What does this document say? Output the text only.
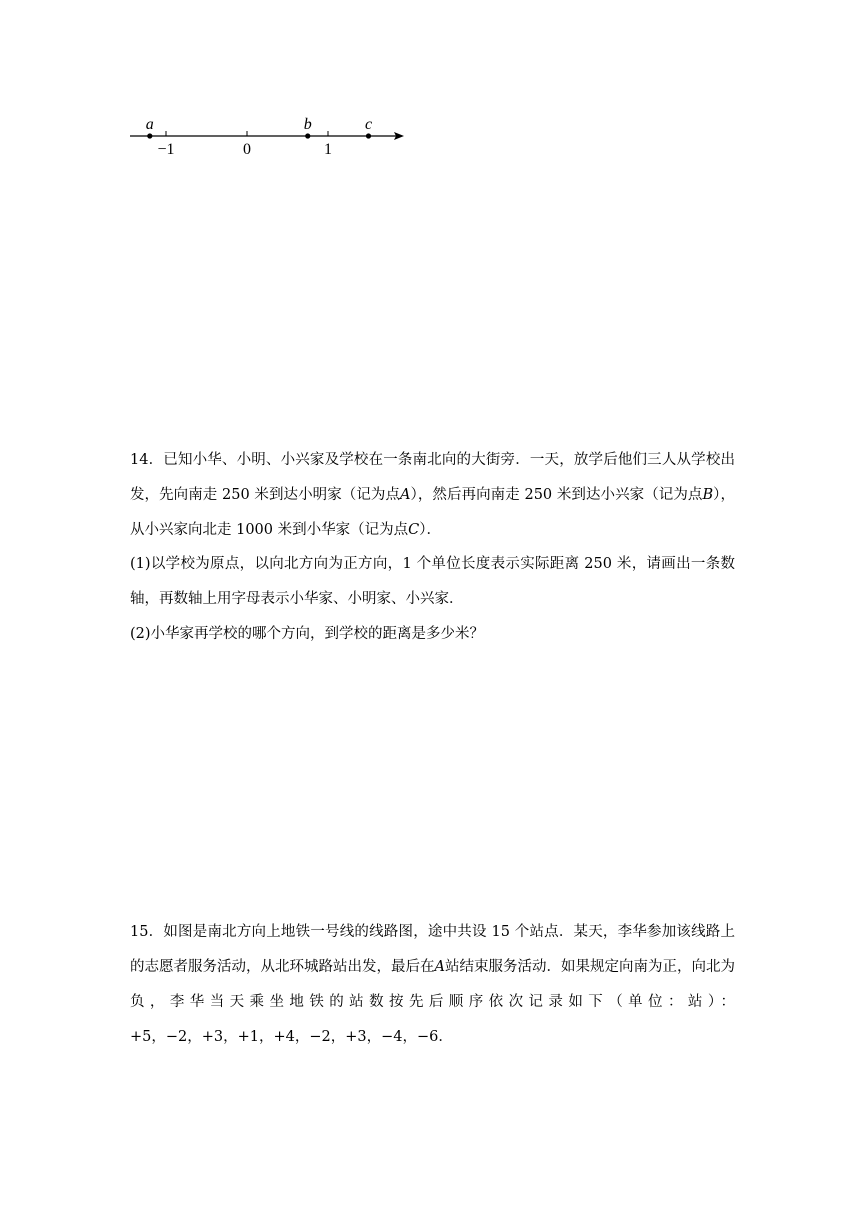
−1	0	1
a	b	c

14．已知小华、小明、小兴家及学校在一条南北向的大街旁．一天，放学后他们三人从学校出发，先向南走 250 米到达小明家（记为点A），然后再向南走 250 米到达小兴家（记为点B），从小兴家向北走 1000 米到小华家（记为点C）．

(1)以学校为原点，以向北方向为正方向，1 个单位长度表示实际距离 250 米，请画出一条数轴，再数轴上用字母表示小华家、小明家、小兴家．

(2)小华家再学校的哪个方向，到学校的距离是多少米？

15．如图是南北方向上地铁一号线的线路图，途中共设 15 个站点．某天，李华参加该线路上的志愿者服务活动，从北环城路站出发，最后在A站结束服务活动．如果规定向南为正，向北为负，李华当天乘坐地铁的站数按先后顺序依次记录如下（单位：站）：+5，−2，+3，+1，+4，−2，+3，−4，−6．
